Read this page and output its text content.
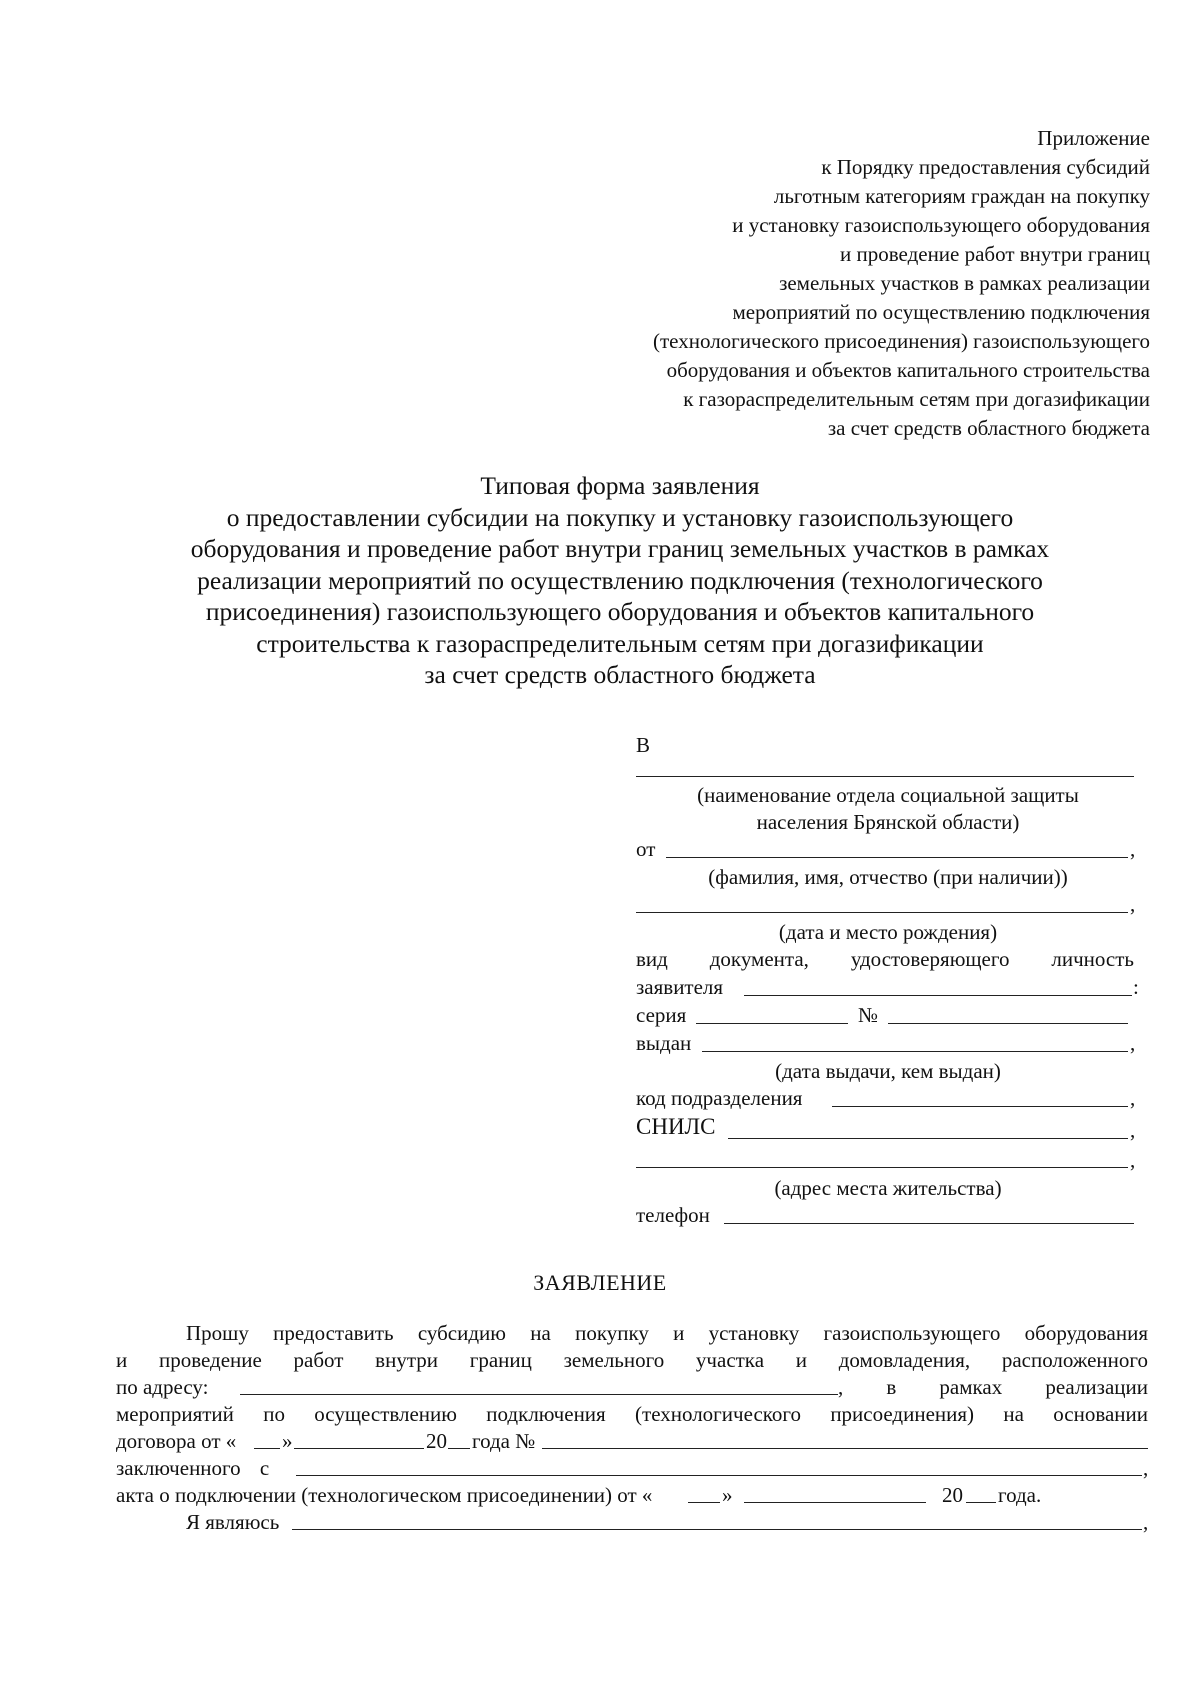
Приложение
к Порядку предоставления субсидий
льготным категориям граждан на покупку
и установку газоиспользующего оборудования
и проведение работ внутри границ
земельных участков в рамках реализации
мероприятий по осуществлению подключения
(технологического присоединения) газоиспользующего
оборудования и объектов капитального строительства
к газораспределительным сетям при догазификации
за счет средств областного бюджета
Типовая форма заявления
о предоставлении субсидии на покупку и установку газоиспользующего
оборудования и проведение работ внутри границ земельных участков в рамках
реализации мероприятий по осуществлению подключения (технологического
присоединения) газоиспользующего оборудования и объектов капитального
строительства к газораспределительным сетям при догазификации
за счет средств областного бюджета
В
(наименование отдела социальной защиты
населения Брянской области)
от	,
(фамилия, имя, отчество (при наличии))
,
(дата и место рождения)
вид документа, удостоверяющего личность
заявителя	:
серия	№
выдан	,
(дата выдачи, кем выдан)
код подразделения	,
СНИЛС	,
,
(адрес места жительства)
телефон
ЗАЯВЛЕНИЕ
Прошу предоставить субсидию на покупку и установку газоиспользующего оборудования
и проведение работ внутри границ земельного участка и домовладения, расположенного
по адресу:	, в рамках реализации
мероприятий по осуществлению подключения (технологического присоединения) на основании
договора от « »	20 года №
заключенного с	,
акта о подключении (технологическом присоединении) от «	»	20 года.
Я являюсь	,
